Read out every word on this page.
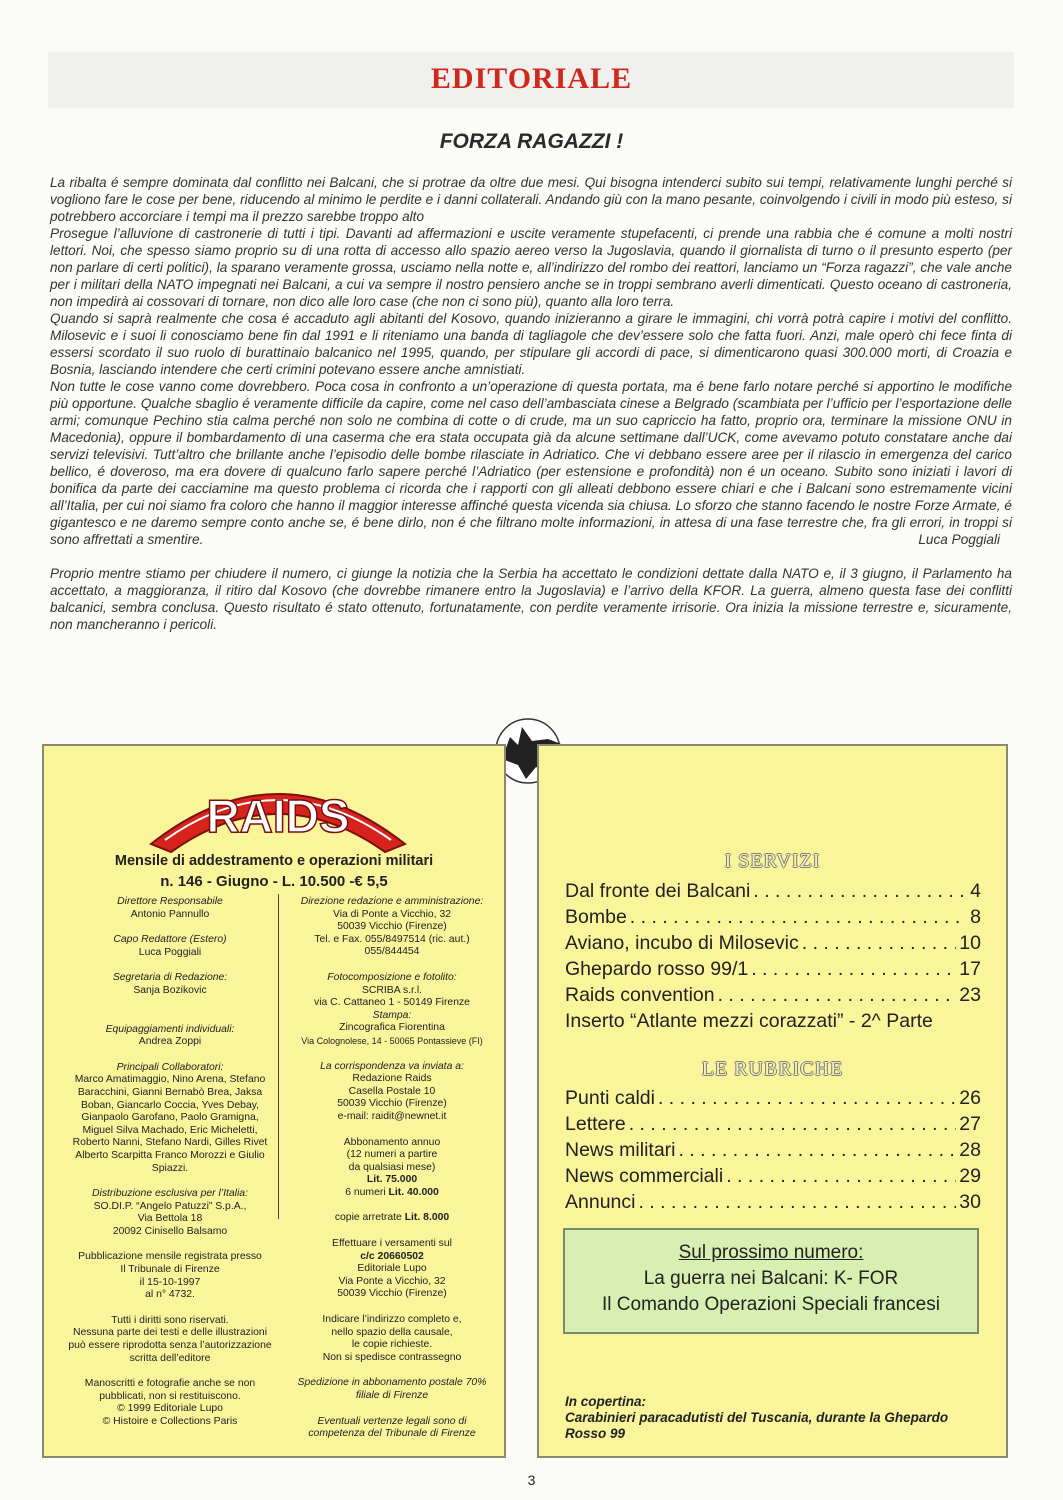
EDITORIALE
FORZA RAGAZZI !

La ribalta é sempre dominata dal conflitto nei Balcani, che si protrae da oltre due mesi. Qui bisogna intenderci subito sui tempi, relativamente lunghi perché si vogliono fare le cose per bene, riducendo al minimo le perdite e i danni collaterali. Andando giù con la mano pesante, coinvolgendo i civili in modo più esteso, si potrebbero accorciare i tempi ma il prezzo sarebbe troppo alto

Prosegue l’alluvione di castronerie di tutti i tipi. Davanti ad affermazioni e uscite veramente stupefacenti, ci prende una rabbia che é comune a molti nostri lettori. Noi, che spesso siamo proprio su di una rotta di accesso allo spazio aereo verso la Jugoslavia, quando il giornalista di turno o il presunto esperto (per non parlare di certi politici), la sparano veramente grossa, usciamo nella notte e, all’indirizzo del rombo dei reattori, lanciamo un “Forza ragazzi”, che vale anche per i militari della NATO impegnati nei Balcani, a cui va sempre il nostro pensiero anche se in troppi sembrano averli dimenticati. Questo oceano di castroneria, non impedirà ai cossovari di tornare, non dico alle loro case (che non ci sono più), quanto alla loro terra.

Quando si saprà realmente che cosa é accaduto agli abitanti del Kosovo, quando inizieranno a girare le immagini, chi vorrà potrà capire i motivi del conflitto. Milosevic e i suoi li conosciamo bene fin dal 1991 e li riteniamo una banda di tagliagole che dev’essere solo che fatta fuori. Anzi, male operò chi fece finta di essersi scordato il suo ruolo di burattinaio balcanico nel 1995, quando, per stipulare gli accordi di pace, si dimenticarono quasi 300.000 morti, di Croazia e Bosnia, lasciando intendere che certi crimini potevano essere anche amnistiati.

Non tutte le cose vanno come dovrebbero. Poca cosa in confronto a un’operazione di questa portata, ma é bene farlo notare perché si apportino le modifiche più opportune. Qualche sbaglio é veramente difficile da capire, come nel caso dell’ambasciata cinese a Belgrado (scambiata per l’ufficio per l’esportazione delle armi; comunque Pechino stia calma perché non solo ne combina di cotte o di crude, ma un suo capriccio ha fatto, proprio ora, terminare la missione ONU in Macedonia), oppure il bombardamento di una caserma che era stata occupata già da alcune settimane dall’UCK, come avevamo potuto constatare anche dai servizi televisivi. Tutt’altro che brillante anche l’episodio delle bombe rilasciate in Adriatico. Che vi debbano essere aree per il rilascio in emergenza del carico bellico, é doveroso, ma era dovere di qualcuno farlo sapere perché l’Adriatico (per estensione e profondità) non é un oceano. Subito sono iniziati i lavori di bonifica da parte dei cacciamine ma questo problema ci ricorda che i rapporti con gli alleati debbono essere chiari e che i Balcani sono estremamente vicini all’Italia, per cui noi siamo fra coloro che hanno il maggior interesse affinché questa vicenda sia chiusa. Lo sforzo che stanno facendo le nostre Forze Armate, é gigantesco e ne daremo sempre conto anche se, é bene dirlo, non é che filtrano molte informazioni, in attesa di una fase terrestre che, fra gli errori, in troppi si sono affrettati a smentire.	Luca Poggiali

Proprio mentre stiamo per chiudere il numero, ci giunge la notizia che la Serbia ha accettato le condizioni dettate dalla NATO e, il 3 giugno, il Parlamento ha accettato, a maggioranza, il ritiro dal Kosovo (che dovrebbe rimanere entro la Jugoslavia) e l’arrivo della KFOR. La guerra, almeno questa fase dei conflitti balcanici, sembra conclusa. Questo risultato é stato ottenuto, fortunatamente, con perdite veramente irrisorie. Ora inizia la missione terrestre e, sicuramente, non mancheranno i pericoli.

RAIDS
Mensile di addestramento e operazioni militari
n. 146 - Giugno - L. 10.500 -€ 5,5
Direttore Responsabile
Antonio Pannullo
Capo Redattore (Estero)
Luca Poggiali
Segretaria di Redazione:
Sanja Bozikovic
Equipaggiamenti individuali:
Andrea Zoppi
Principali Collaboratori:
Marco Amatimaggio, Nino Arena, Stefano Baracchini, Gianni Bernabò Brea, Jaksa Boban, Giancarlo Coccia, Yves Debay, Gianpaolo Garofano, Paolo Gramigna, Miguel Silva Machado, Eric Micheletti, Roberto Nanni, Stefano Nardi, Gilles Rivet Alberto Scarpitta Franco Morozzi e Giulio Spiazzi.
Distribuzione esclusiva per l’Italia:
SO.DI.P. “Angelo Patuzzi” S.p.A.,
Via Bettola 18
20092 Cinisello Balsamo
Pubblicazione mensile registrata presso
Il Tribunale di Firenze
il 15-10-1997
al n° 4732.
Tutti i diritti sono riservati.
Nessuna parte dei testi e delle illustrazioni può essere riprodotta senza l’autorizzazione scritta dell’editore
Manoscritti e fotografie anche se non pubblicati, non si restituiscono.
© 1999 Editoriale Lupo
© Histoire e Collections Paris
Direzione redazione e amministrazione:
Via di Ponte a Vicchio, 32
50039 Vicchio (Firenze)
Tel. e Fax. 055/8497514 (ric. aut.)
055/844454
Fotocomposizione e fotolito:
SCRIBA s.r.l.
via C. Cattaneo 1 - 50149 Firenze
Stampa:
Zincografica Fiorentina
Via Colognolese, 14 - 50065 Pontassieve (FI)
La corrispondenza va inviata a:
Redazione Raids
Casella Postale 10
50039 Vicchio (Firenze)
e-mail: raidit@newnet.it
Abbonamento annuo
(12 numeri a partire
da qualsiasi mese)
Lit. 75.000
6 numeri Lit. 40.000
copie arretrate Lit. 8.000
Effettuare i versamenti sul
c/c 20660502
Editoriale Lupo
Via Ponte a Vicchio, 32
50039 Vicchio (Firenze)
Indicare l’indirizzo completo e,
nello spazio della causale,
le copie richieste.
Non si spedisce contrassegno
Spedizione in abbonamento postale 70%
filiale di Firenze
Eventuali vertenze legali sono di
competenza del Tribunale di Firenze
I SERVIZI
Dal fronte dei Balcani . . .	4
Bombe . . .	8
Aviano, incubo di Milosevic . . .	10
Ghepardo rosso 99/1 . . .	17
Raids convention . . .	23
Inserto “Atlante mezzi corazzati” - 2^ Parte
LE RUBRICHE
Punti caldi . . .	26
Lettere . . .	27
News militari . . .	28
News commerciali . . .	29
Annunci . . .	30
Sul prossimo numero:
La guerra nei Balcani: K- FOR
Il Comando Operazioni Speciali francesi
In copertina:
Carabinieri paracadutisti del Tuscania, durante la Ghepardo Rosso 99
3
